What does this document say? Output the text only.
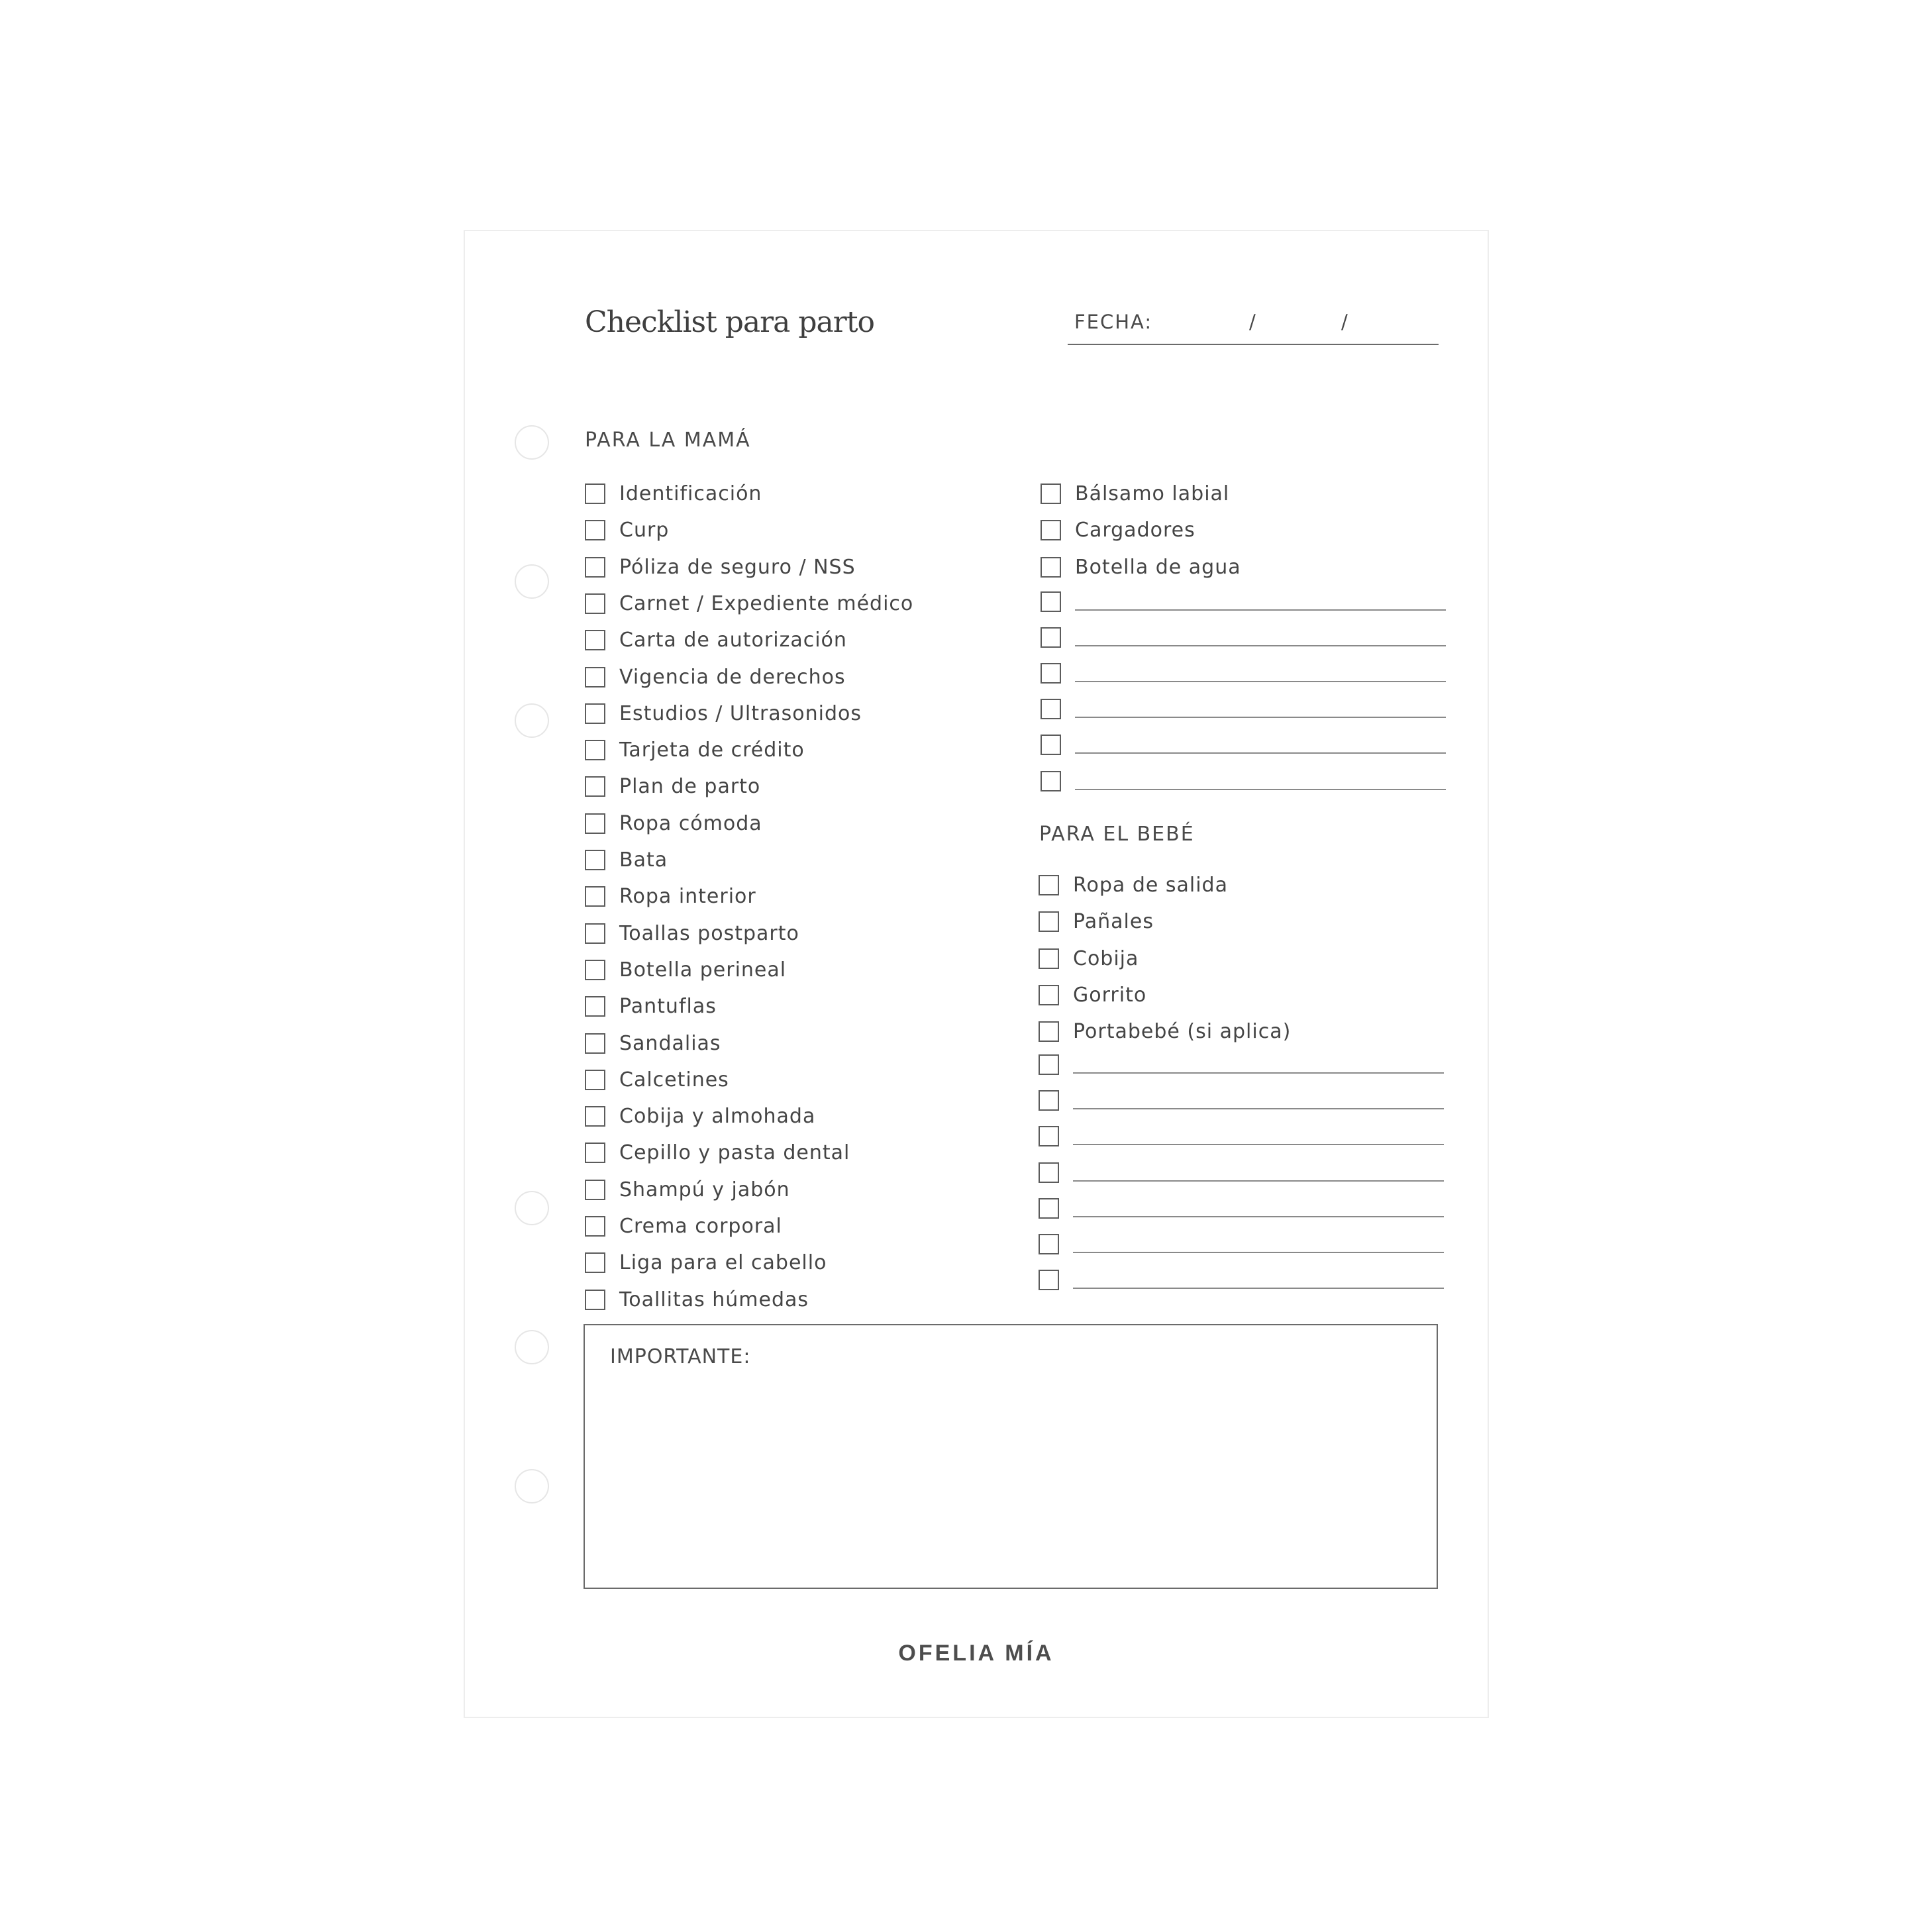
Checklist para parto	FECHA:	/	/
PARA LA MAMÁ
Identificación
Curp
Póliza de seguro / NSS
Carnet / Expediente médico
Carta de autorización
Vigencia de derechos
Estudios / Ultrasonidos
Tarjeta de crédito
Plan de parto
Ropa cómoda
Bata
Ropa interior
Toallas postparto
Botella perineal
Pantuflas
Sandalias
Calcetines
Cobija y almohada
Cepillo y pasta dental
Shampú y jabón
Crema corporal
Liga para el cabello
Toallitas húmedas
Bálsamo labial
Cargadores
Botella de agua
PARA EL BEBÉ
Ropa de salida
Pañales
Cobija
Gorrito
Portabebé (si aplica)
IMPORTANTE:
OFELIA MÍA
